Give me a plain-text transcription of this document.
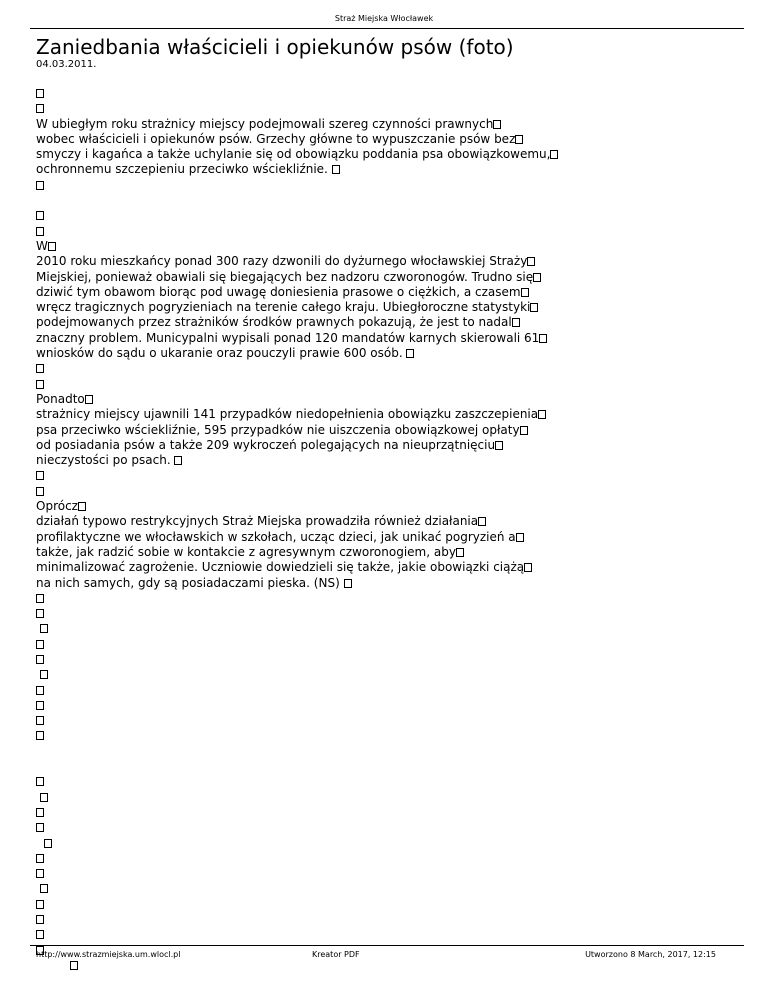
Straż Miejska Włocławek
Zaniedbania właścicieli i opiekunów psów (foto)
04.03.2011.
W ubiegłym roku strażnicy miejscy podejmowali szereg czynności prawnych
wobec właścicieli i opiekunów psów. Grzechy główne to wypuszczanie psów bez
smyczy i kagańca a także uchylanie się od obowiązku poddania psa obowiązkowemu,
ochronnemu szczepieniu przeciwko wściekliźnie.
W
2010 roku mieszkańcy ponad 300 razy dzwonili do dyżurnego włocławskiej Straży
Miejskiej, ponieważ obawiali się biegających bez nadzoru czworonogów. Trudno się
dziwić tym obawom biorąc pod uwagę doniesienia prasowe o ciężkich, a czasem
wręcz tragicznych pogryzieniach na terenie całego kraju. Ubiegłoroczne statystyki
podejmowanych przez strażników środków prawnych pokazują, że jest to nadal
znaczny problem. Municypalni wypisali ponad 120 mandatów karnych skierowali 61
wniosków do sądu o ukaranie oraz pouczyli prawie 600 osób.
Ponadto
strażnicy miejscy ujawnili 141 przypadków niedopełnienia obowiązku zaszczepienia
psa przeciwko wściekliźnie, 595 przypadków nie uiszczenia obowiązkowej opłaty
od posiadania psów a także 209 wykroczeń polegających na nieuprzątnięciu
nieczystości po psach.
Oprócz
działań typowo restrykcyjnych Straż Miejska prowadziła również działania
profilaktyczne we włocławskich w szkołach, ucząc dzieci, jak unikać pogryzień a
także, jak radzić sobie w kontakcie z agresywnym czworonogiem, aby
minimalizować zagrożenie. Uczniowie dowiedzieli się także, jakie obowiązki ciążą
na nich samych, gdy są posiadaczami pieska. (NS)

http://www.strazmiejska.um.wlocl.pl	Kreator PDF	Utworzono 8 March, 2017, 12:15
